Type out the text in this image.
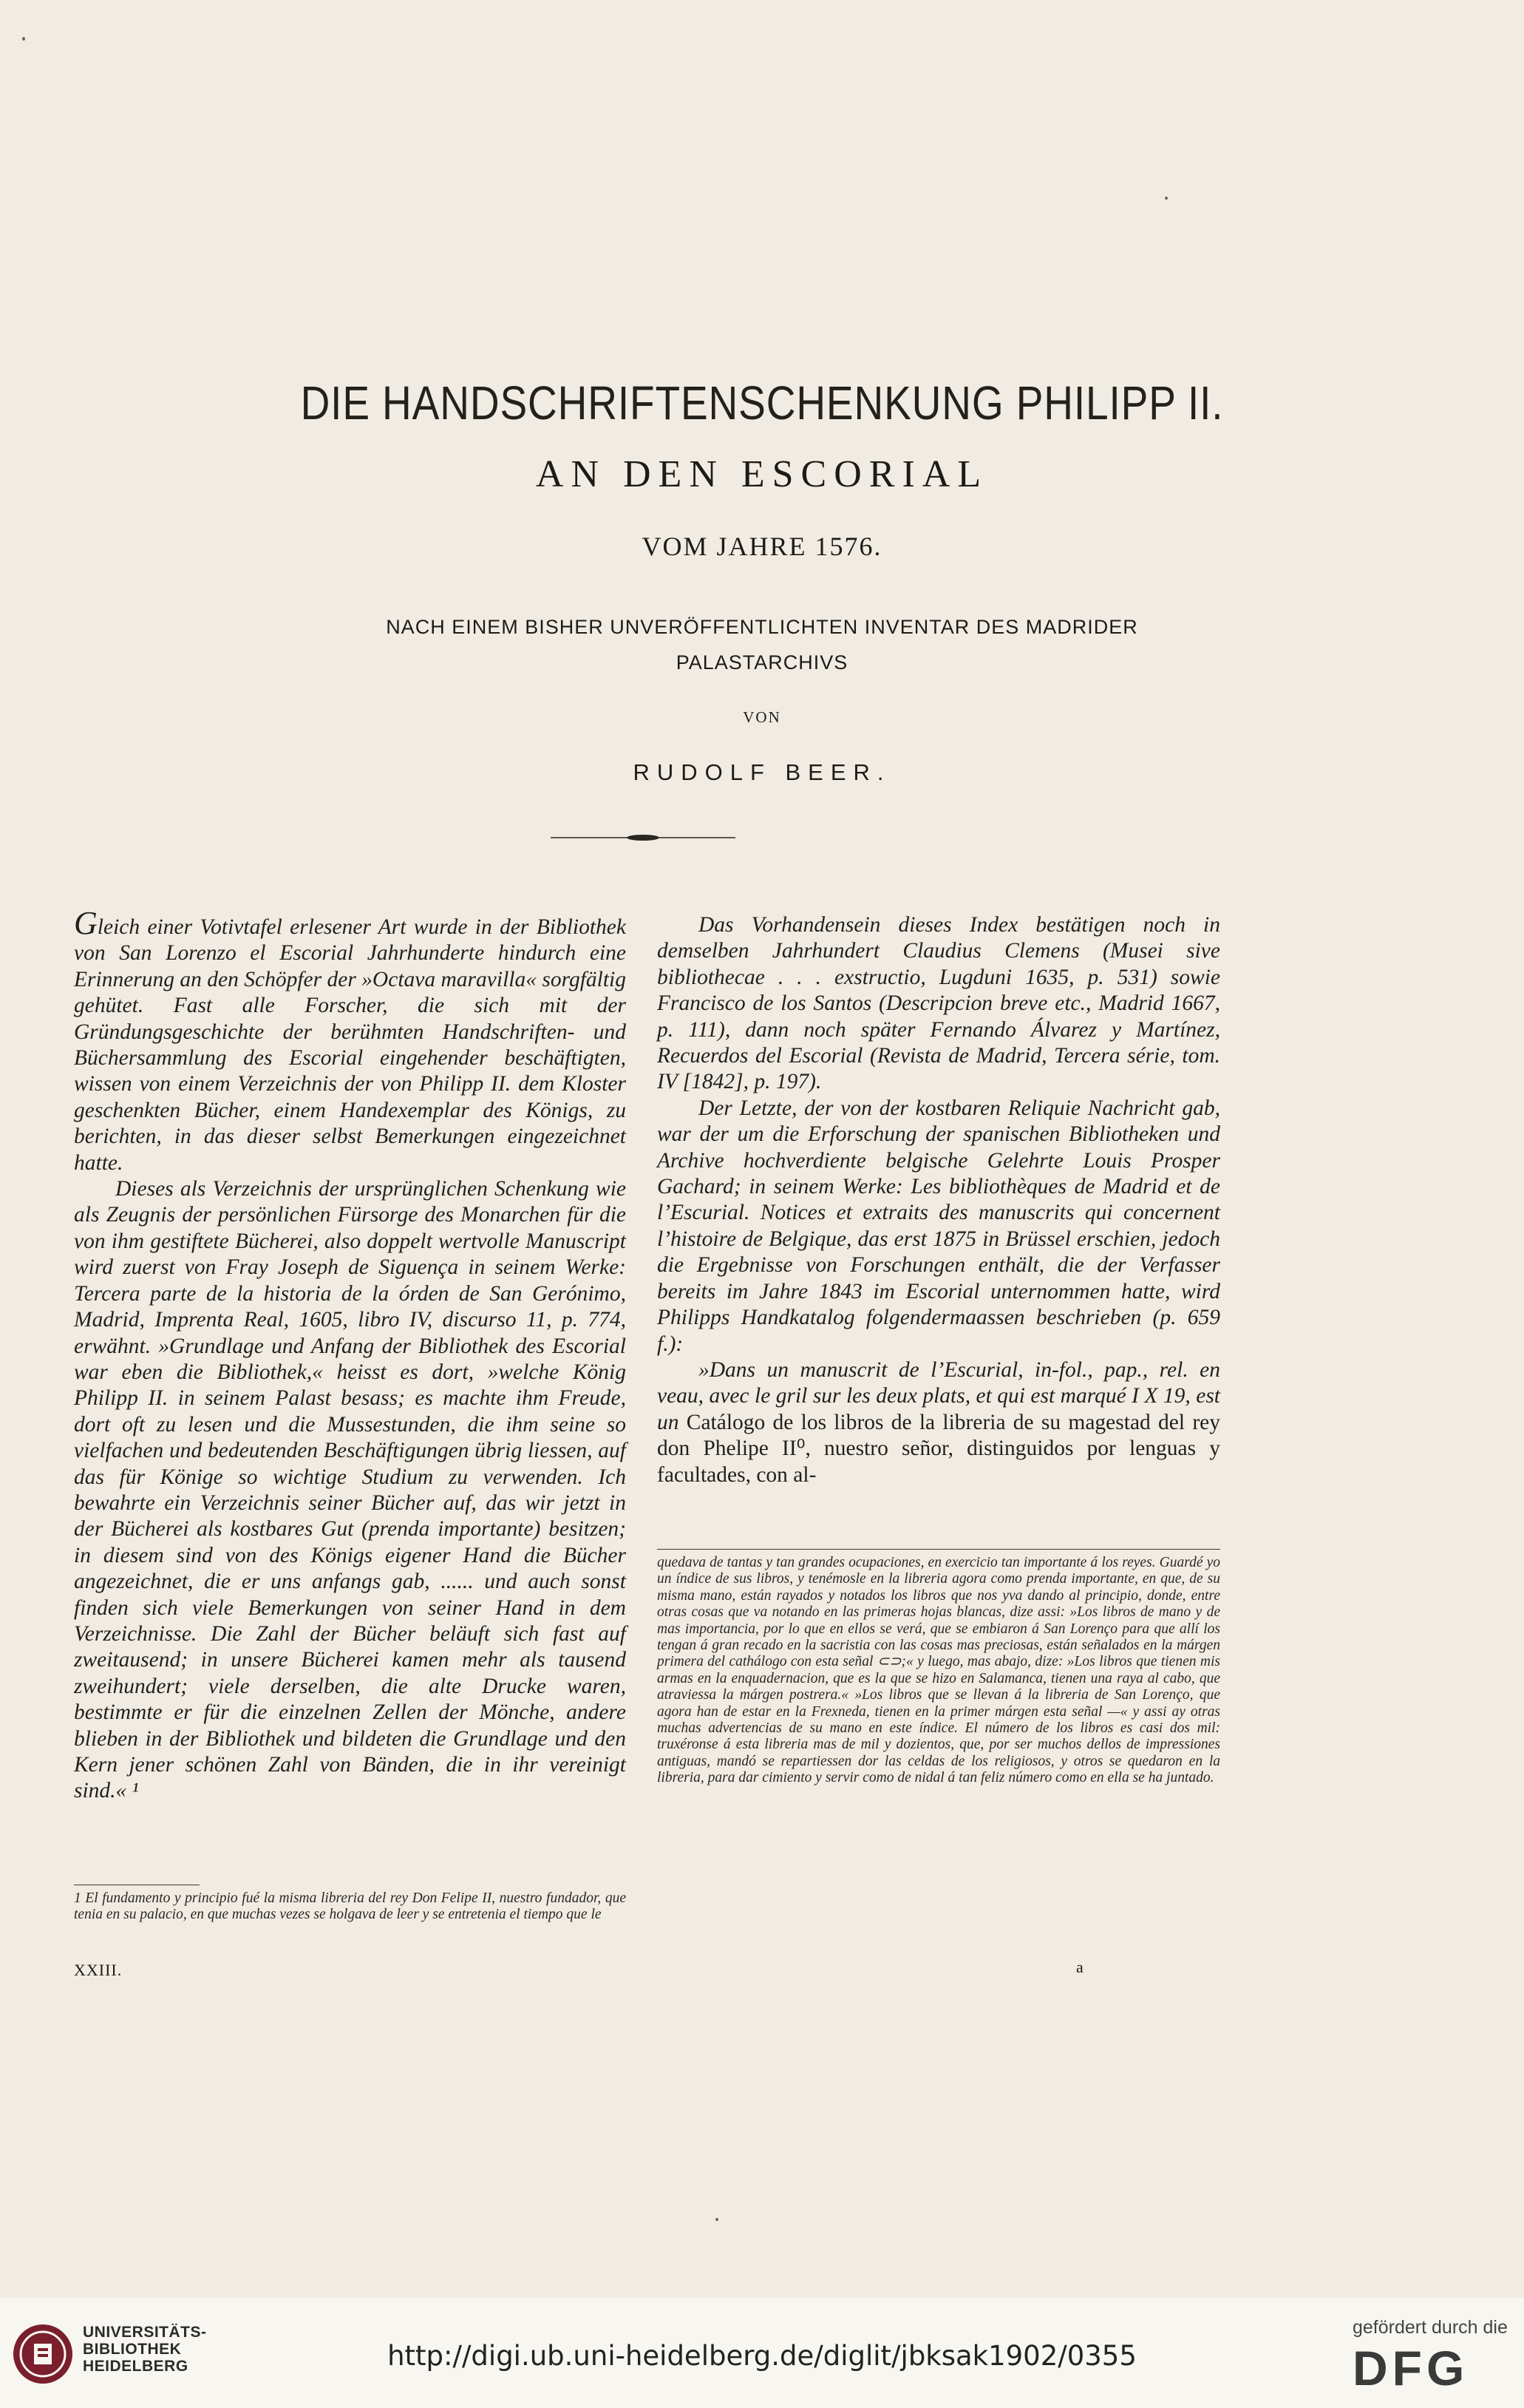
DIE HANDSCHRIFTENSCHENKUNG PHILIPP II.
AN DEN ESCORIAL
VOM JAHRE 1576.
NACH EINEM BISHER UNVERÖFFENTLICHTEN INVENTAR DES MADRIDER
PALASTARCHIVS
VON
RUDOLF BEER.

Gleich einer Votivtafel erlesener Art wurde in der Bibliothek von San Lorenzo el Escorial Jahrhunderte hindurch eine Erinnerung an den Schöpfer der »Octava maravilla« sorgfältig gehütet. Fast alle Forscher, die sich mit der Gründungsgeschichte der berühmten Handschriften- und Büchersammlung des Escorial eingehender beschäftigten, wissen von einem Verzeichnis der von Philipp II. dem Kloster geschenkten Bücher, einem Handexemplar des Königs, zu berichten, in das dieser selbst Bemerkungen eingezeichnet hatte.

Dieses als Verzeichnis der ursprünglichen Schenkung wie als Zeugnis der persönlichen Fürsorge des Monarchen für die von ihm gestiftete Bücherei, also doppelt wertvolle Manuscript wird zuerst von Fray Joseph de Siguença in seinem Werke: Tercera parte de la historia de la órden de San Gerónimo, Madrid, Imprenta Real, 1605, libro IV, discurso 11, p. 774, erwähnt. »Grundlage und Anfang der Bibliothek des Escorial war eben die Bibliothek,« heisst es dort, »welche König Philipp II. in seinem Palast besass; es machte ihm Freude, dort oft zu lesen und die Mussestunden, die ihm seine so vielfachen und bedeutenden Beschäftigungen übrig liessen, auf das für Könige so wichtige Studium zu verwenden. Ich bewahrte ein Verzeichnis seiner Bücher auf, das wir jetzt in der Bücherei als kostbares Gut (prenda importante) besitzen; in diesem sind von des Königs eigener Hand die Bücher angezeichnet, die er uns anfangs gab, ...... und auch sonst finden sich viele Bemerkungen von seiner Hand in dem Verzeichnisse. Die Zahl der Bücher beläuft sich fast auf zweitausend; in unsere Büchereі kamen mehr als tausend zweihundert; viele derselben, die alte Drucke waren, bestimmte er für die einzelnen Zellen der Mönche, andere blieben in der Bibliothek und bildeten die Grundlage und den Kern jener schönen Zahl von Bänden, die in ihr vereinigt sind.« ¹

1 El fundamento y principio fué la misma libreria del rey Don Felipe II, nuestro fundador, que tenia en su palacio, en que muchas vezes se holgava de leer y se entretenia el tiempo que le

XXIII.

Das Vorhandensein dieses Index bestätigen noch in demselben Jahrhundert Claudius Clemens (Musei sive bibliothecae . . . exstructio, Lugduni 1635, p. 531) sowie Francisco de los Santos (Descripcion breve etc., Madrid 1667, p. 111), dann noch später Fernando Álvarez y Martínez, Recuerdos del Escorial (Revista de Madrid, Tercera série, tom. IV [1842], p. 197).

Der Letzte, der von der kostbaren Reliquie Nachricht gab, war der um die Erforschung der spanischen Bibliotheken und Archive hochverdiente belgische Gelehrte Louis Prosper Gachard; in seinem Werke: Les bibliothèques de Madrid et de l’Escurial. Notices et extraits des manuscrits qui concernent l’histoire de Belgique, das erst 1875 in Brüssel erschien, jedoch die Ergebnisse von Forschungen enthält, die der Verfasser bereits im Jahre 1843 im Escorial unternommen hatte, wird Philipps Handkatalog folgendermaassen beschrieben (p. 659 f.):

»Dans un manuscrit de l’Escurial, in-fol., pap., rel. en veau, avec le gril sur les deux plats, et qui est marqué I X 19, est un Catálogo de los libros de la libreria de su magestad del rey don Phelipe II⁰, nuestro señor, distinguidos por lenguas y facultades, con al-

quedava de tantas y tan grandes ocupaciones, en exercicio tan importante á los reyes. Guardé yo un índice de sus libros, y tenémosle en la libreria agora como prenda importante, en que, de su misma mano, están rayados y notados los libros que nos yva dando al principio, donde, entre otras cosas que va notando en las primeras hojas blancas, dize assi: »Los libros de mano y de mas importancia, por lo que en ellos se verá, que se embiaron á San Lorenço para que allí los tengan á gran recado en la sacristia con las cosas mas preciosas, están señalados en la márgen primera del cathálogo con esta señal ⊂⊃;« y luego, mas abajo, dize: »Los libros que tienen mis armas en la enquadernacion, que es la que se hizo en Salamanca, tienen una raya al cabo, que atraviessa la márgen postrera.« »Los libros que se llevan á la libreria de San Lorenço, que agora han de estar en la Frexneda, tienen en la primer márgen esta señal —« y assi ay otras muchas advertencias de su mano en este índice. El número de los libros es casi dos mil: truxéronse á esta libreria mas de mil y dozientos, que, por ser muchos dellos de impressiones antiguas, mandó se repartiessen dor las celdas de los religiosos, y otros se quedaron en la libreria, para dar cimiento y servir como de nidal á tan feliz número como en ella se ha juntado.

a
UNIVERSITÄTS-
BIBLIOTHEK
HEIDELBERG	http://digi.ub.uni-heidelberg.de/diglit/jbksak1902/0355
gefördert durch die
DFG
